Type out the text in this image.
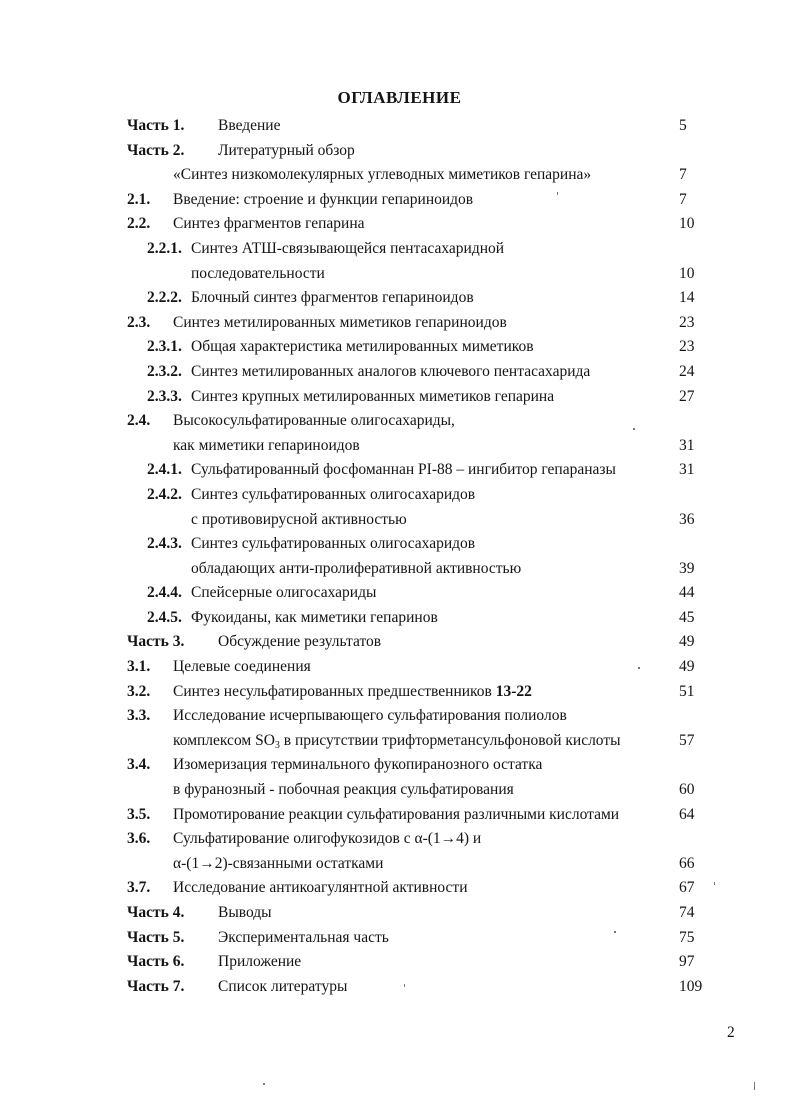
ОГЛАВЛЕНИЕ
Часть 1. Введение	5
Часть 2. Литературный обзор
«Синтез низкомолекулярных углеводных миметиков гепарина»	7
2.1. Введение: строение и функции гепариноидов	7
2.2. Синтез фрагментов гепарина	10
2.2.1. Синтез АТШ-связывающейся пентасахаридной
последовательности	10
2.2.2. Блочный синтез фрагментов гепариноидов	14
2.3. Синтез метилированных миметиков гепариноидов	23
2.3.1. Общая характеристика метилированных миметиков	23
2.3.2. Синтез метилированных аналогов ключевого пентасахарида	24
2.3.3. Синтез крупных метилированных миметиков гепарина	27
2.4. Высокосульфатированные олигосахариды,
как миметики гепариноидов	31
2.4.1. Сульфатированный фосфоманнан PI-88 – ингибитор гепараназы	31
2.4.2. Синтез сульфатированных олигосахаридов
с противовирусной активностью	36
2.4.3. Синтез сульфатированных олигосахаридов
обладающих анти-пролиферативной активностью	39
2.4.4. Спейсерные олигосахариды	44
2.4.5. Фукоиданы, как миметики гепаринов	45
Часть 3. Обсуждение результатов	49
3.1. Целевые соединения	49
3.2. Синтез несульфатированных предшественников 13-22	51
3.3. Исследование исчерпывающего сульфатирования полиолов
комплексом $SO_3$ в присутствии трифторметансульфоновой кислоты	57
3.4. Изомеризация терминального фукопиранозного остатка
в фуранозный - побочная реакция сульфатирования	60
3.5. Промотирование реакции сульфатирования различными кислотами	64
3.6. Сульфатирование олигофукозидов с α-(1→4) и
α-(1→2)-связанными остатками	66
3.7. Исследование антикоагулянтной активности	67
Часть 4. Выводы	74
Часть 5. Экспериментальная часть	75
Часть 6. Приложение	97
Часть 7. Список литературы	109
2
